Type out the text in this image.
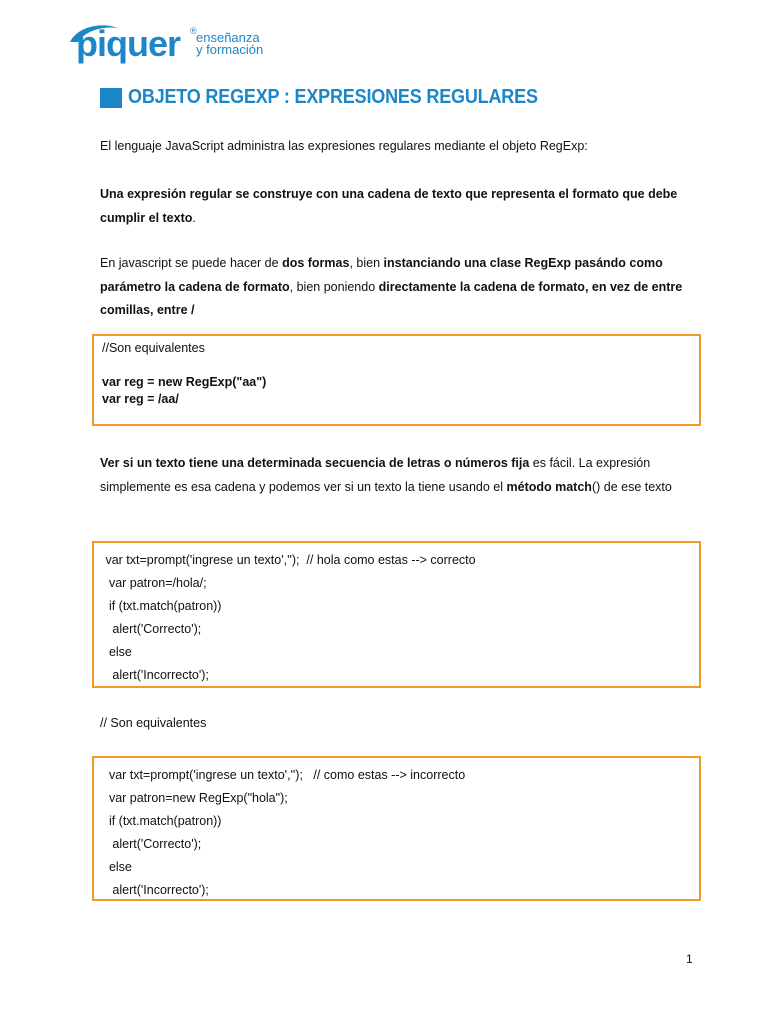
piquer ® enseñanza
y formación
OBJETO REGEXP : EXPRESIONES REGULARES
El lenguaje JavaScript administra las expresiones regulares mediante el objeto RegExp:
Una expresión regular se construye con una cadena de texto que representa el formato que debe cumplir el texto.
En javascript se puede hacer de dos formas, bien instanciando una clase RegExp pasándo como parámetro la cadena de formato, bien poniendo directamente la cadena de formato, en vez de entre comillas, entre /
//Son equivalentes
var reg = new RegExp("aa")
var reg = /aa/
Ver si un texto tiene una determinada secuencia de letras o números fija es fácil. La expresión simplemente es esa cadena y podemos ver si un texto la tiene usando el método match() de ese texto
var txt=prompt('ingrese un texto','');  // hola como estas --> correcto
var patron=/hola/;
if (txt.match(patron))
alert('Correcto');
else
alert('Incorrecto');
// Son equivalentes
var txt=prompt('ingrese un texto','');   // como estas --> incorrecto
var patron=new RegExp("hola");
if (txt.match(patron))
alert('Correcto');
else
alert('Incorrecto');
1
